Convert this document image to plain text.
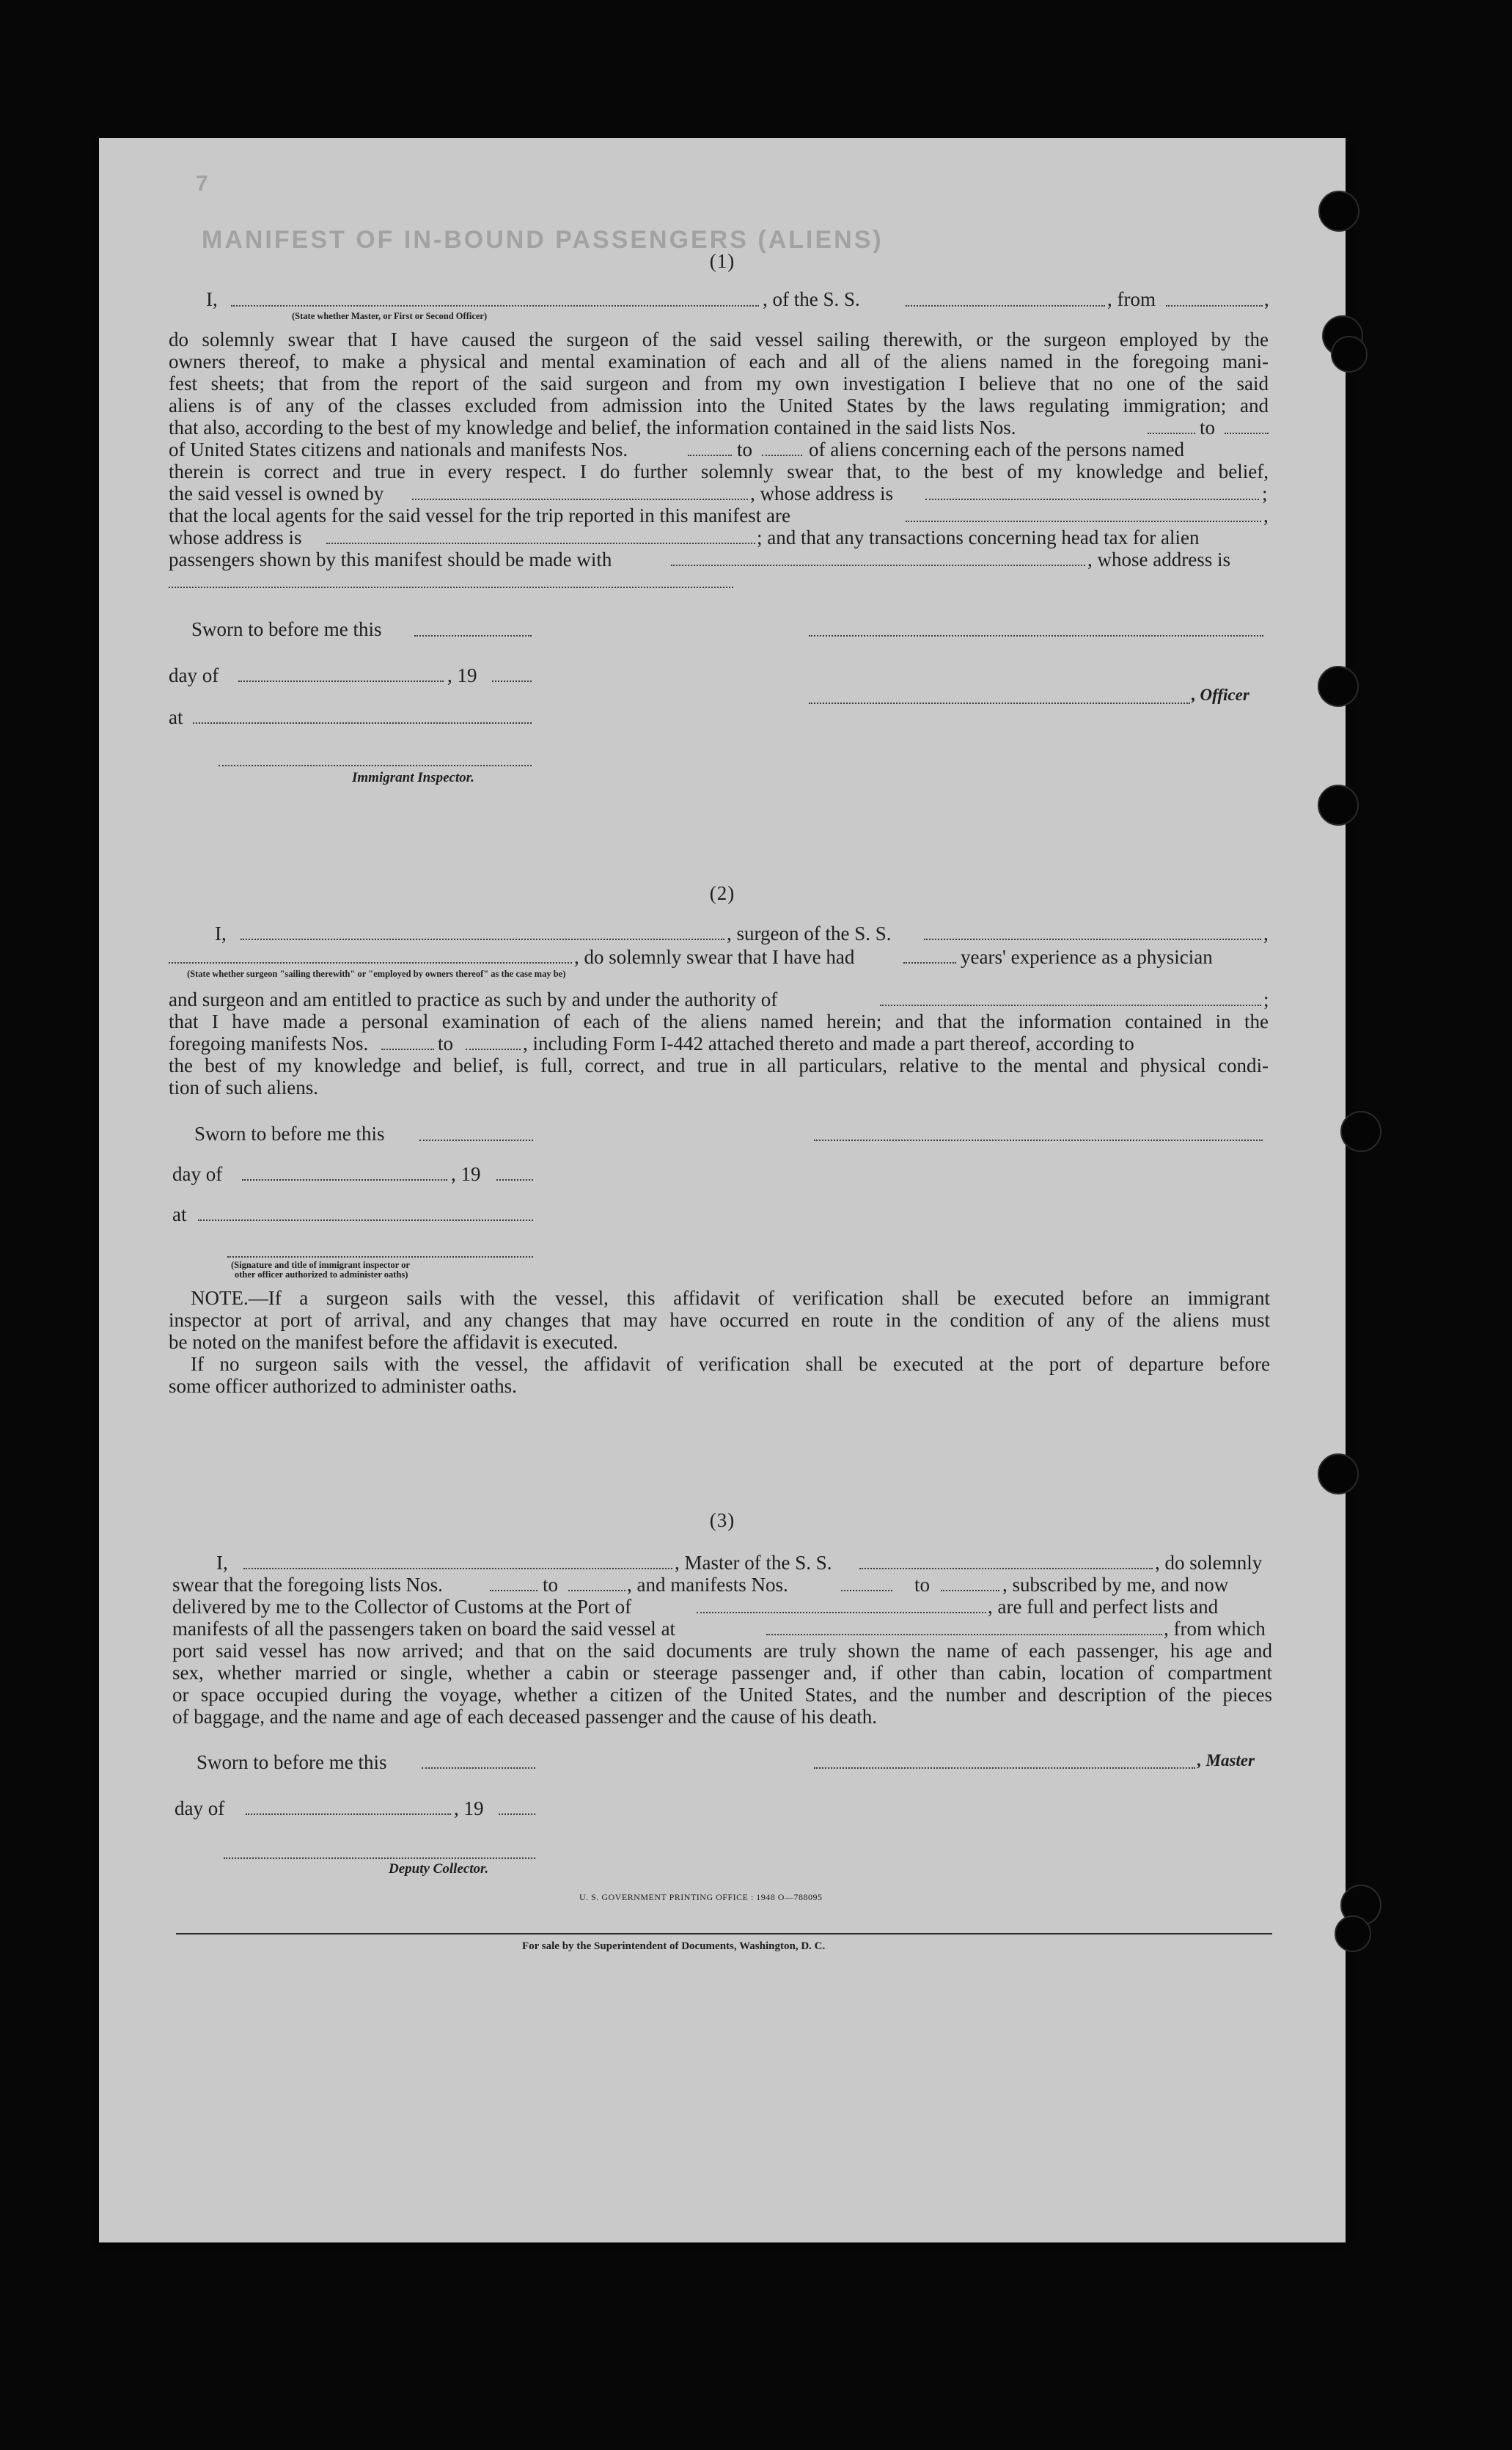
7
MANIFEST OF IN-BOUND PASSENGERS (ALIENS)
(1)
I,	, of the S. S.	, from	,
(State whether Master, or First or Second Officer)
do solemnly swear that I have caused the surgeon of the said vessel sailing therewith, or the surgeon employed by the
owners thereof, to make a physical and mental examination of each and all of the aliens named in the foregoing mani-
fest sheets; that from the report of the said surgeon and from my own investigation I believe that no one of the said
aliens is of any of the classes excluded from admission into the United States by the laws regulating immigration; and
that also, according to the best of my knowledge and belief, the information contained in the said lists Nos.	to
of United States citizens and nationals and manifests Nos.	to	of aliens concerning each of the persons named
therein is correct and true in every respect. I do further solemnly swear that, to the best of my knowledge and belief,
the said vessel is owned by	, whose address is	;
that the local agents for the said vessel for the trip reported in this manifest are	,
whose address is	; and that any transactions concerning head tax for alien
passengers shown by this manifest should be made with	, whose address is
Sworn to before me this
day of	, 19
, Officer
at
Immigrant Inspector.
(2)
I,	, surgeon of the S. S.	,
, do solemnly swear that I have had	years' experience as a physician
(State whether surgeon "sailing therewith" or "employed by owners thereof" as the case may be)
and surgeon and am entitled to practice as such by and under the authority of	;
that I have made a personal examination of each of the aliens named herein; and that the information contained in the
foregoing manifests Nos.	to	, including Form I-442 attached thereto and made a part thereof, according to
the best of my knowledge and belief, is full, correct, and true in all particulars, relative to the mental and physical condi-
tion of such aliens.
Sworn to before me this
day of	, 19
at
(Signature and title of immigrant inspector or
other officer authorized to administer oaths)
NOTE.—If a surgeon sails with the vessel, this affidavit of verification shall be executed before an immigrant
inspector at port of arrival, and any changes that may have occurred en route in the condition of any of the aliens must
be noted on the manifest before the affidavit is executed.
If no surgeon sails with the vessel, the affidavit of verification shall be executed at the port of departure before
some officer authorized to administer oaths.
(3)
I,	, Master of the S. S.	, do solemnly
swear that the foregoing lists Nos.	to	, and manifests Nos.	to	, subscribed by me, and now
delivered by me to the Collector of Customs at the Port of	, are full and perfect lists and
manifests of all the passengers taken on board the said vessel at	, from which
port said vessel has now arrived; and that on the said documents are truly shown the name of each passenger, his age and
sex, whether married or single, whether a cabin or steerage passenger and, if other than cabin, location of compartment
or space occupied during the voyage, whether a citizen of the United States, and the number and description of the pieces
of baggage, and the name and age of each deceased passenger and the cause of his death.
Sworn to before me this	, Master
day of	, 19
Deputy Collector.
U. S. GOVERNMENT PRINTING OFFICE : 1948 O—788095
For sale by the Superintendent of Documents, Washington, D. C.
